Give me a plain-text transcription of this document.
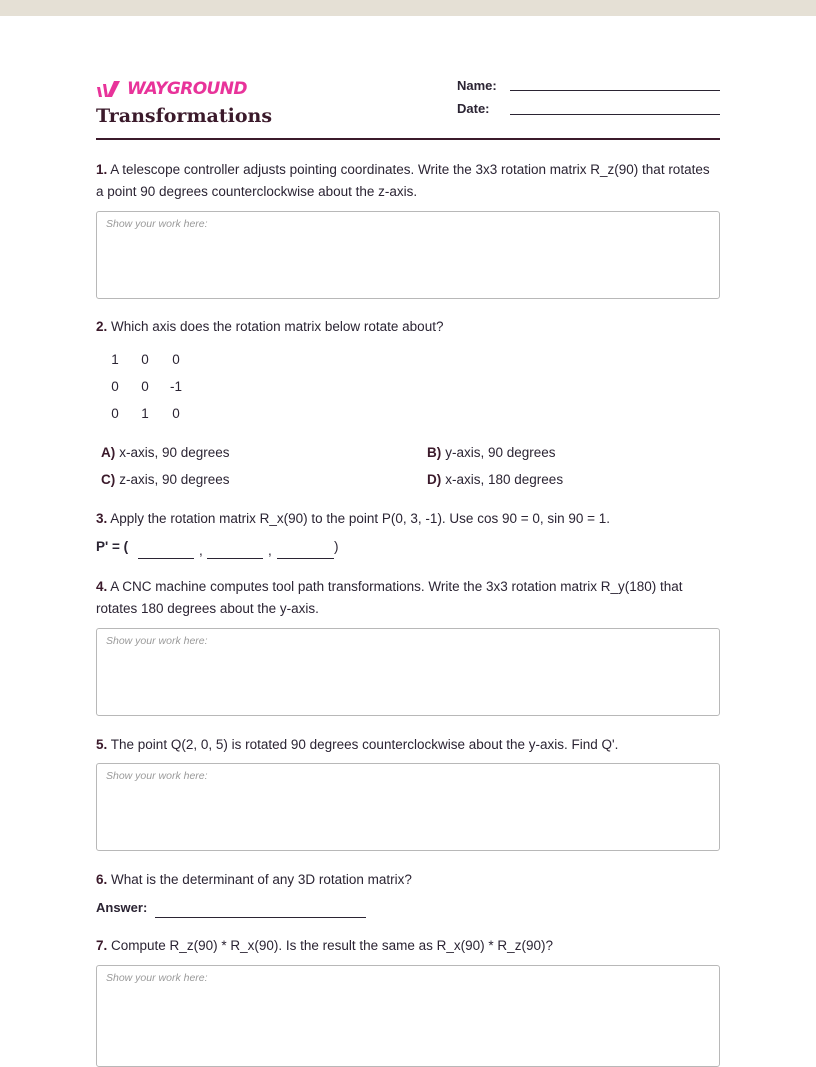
WAYGROUND
Transformations
Name:
Date:
1. A telescope controller adjusts pointing coordinates. Write the 3x3 rotation matrix R_z(90) that rotates a point 90 degrees counterclockwise about the z-axis.
Show your work here:
2. Which axis does the rotation matrix below rotate about?
1	0	0
0	0	-1
0	1	0
A) x-axis, 90 degrees	B) y-axis, 90 degrees
C) z-axis, 90 degrees	D) x-axis, 180 degrees
3. Apply the rotation matrix R_x(90) to the point P(0, 3, -1). Use cos 90 = 0, sin 90 = 1.
P' = (	,	,	)
4. A CNC machine computes tool path transformations. Write the 3x3 rotation matrix R_y(180) that rotates 180 degrees about the y-axis.
Show your work here:
5. The point Q(2, 0, 5) is rotated 90 degrees counterclockwise about the y-axis. Find Q'.
Show your work here:
6. What is the determinant of any 3D rotation matrix?
Answer:
7. Compute R_z(90) * R_x(90). Is the result the same as R_x(90) * R_z(90)?
Show your work here:
